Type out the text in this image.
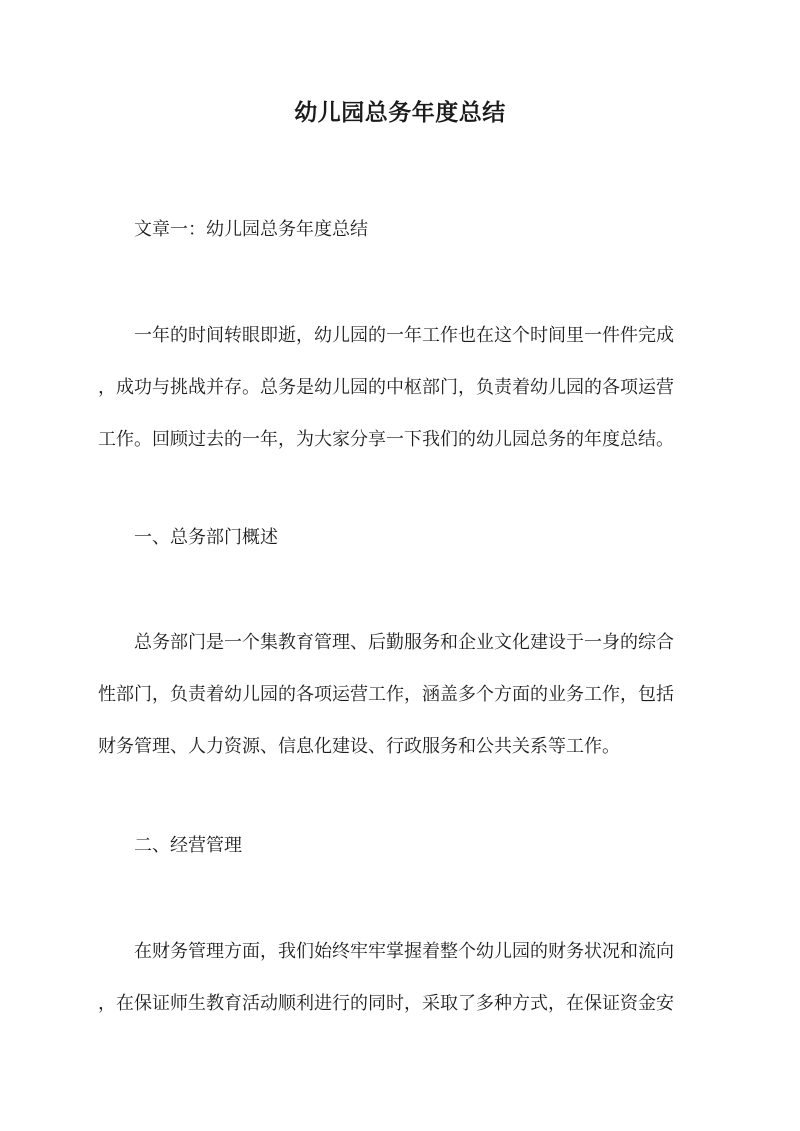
幼儿园总务年度总结

文章一：幼儿园总务年度总结

一年的时间转眼即逝，幼儿园的一年工作也在这个时间里一件件完成
，成功与挑战并存。总务是幼儿园的中枢部门，负责着幼儿园的各项运营
工作。回顾过去的一年，为大家分享一下我们的幼儿园总务的年度总结。

一、总务部门概述

总务部门是一个集教育管理、后勤服务和企业文化建设于一身的综合
性部门，负责着幼儿园的各项运营工作，涵盖多个方面的业务工作，包括
财务管理、人力资源、信息化建设、行政服务和公共关系等工作。

二、经营管理

在财务管理方面，我们始终牢牢掌握着整个幼儿园的财务状况和流向
，在保证师生教育活动顺利进行的同时，采取了多种方式，在保证资金安
